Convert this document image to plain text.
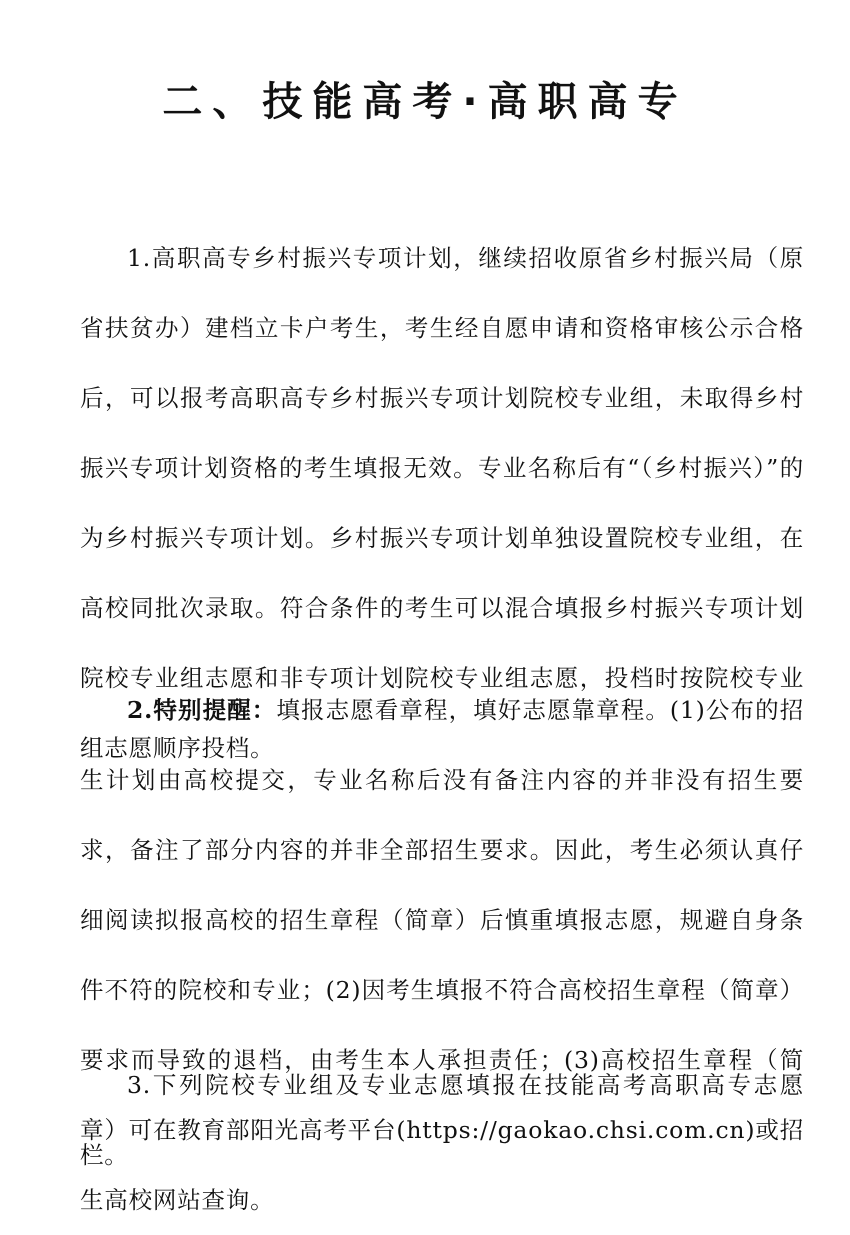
二、技能高考·高职高专

1.高职高专乡村振兴专项计划，继续招收原省乡村振兴局（原省扶贫办）建档立卡户考生，考生经自愿申请和资格审核公示合格后，可以报考高职高专乡村振兴专项计划院校专业组，未取得乡村振兴专项计划资格的考生填报无效。专业名称后有“（乡村振兴）”的为乡村振兴专项计划。乡村振兴专项计划单独设置院校专业组，在高校同批次录取。符合条件的考生可以混合填报乡村振兴专项计划院校专业组志愿和非专项计划院校专业组志愿，投档时按院校专业组志愿顺序投档。

2.特别提醒：填报志愿看章程，填好志愿靠章程。(1)公布的招生计划由高校提交，专业名称后没有备注内容的并非没有招生要求，备注了部分内容的并非全部招生要求。因此，考生必须认真仔细阅读拟报高校的招生章程（简章）后慎重填报志愿，规避自身条件不符的院校和专业；(2)因考生填报不符合高校招生章程（简章）要求而导致的退档，由考生本人承担责任；(3)高校招生章程（简章）可在教育部阳光高考平台(https://gaokao.chsi.com.cn)或招生高校网站查询。

3.下列院校专业组及专业志愿填报在技能高考高职高专志愿栏。
